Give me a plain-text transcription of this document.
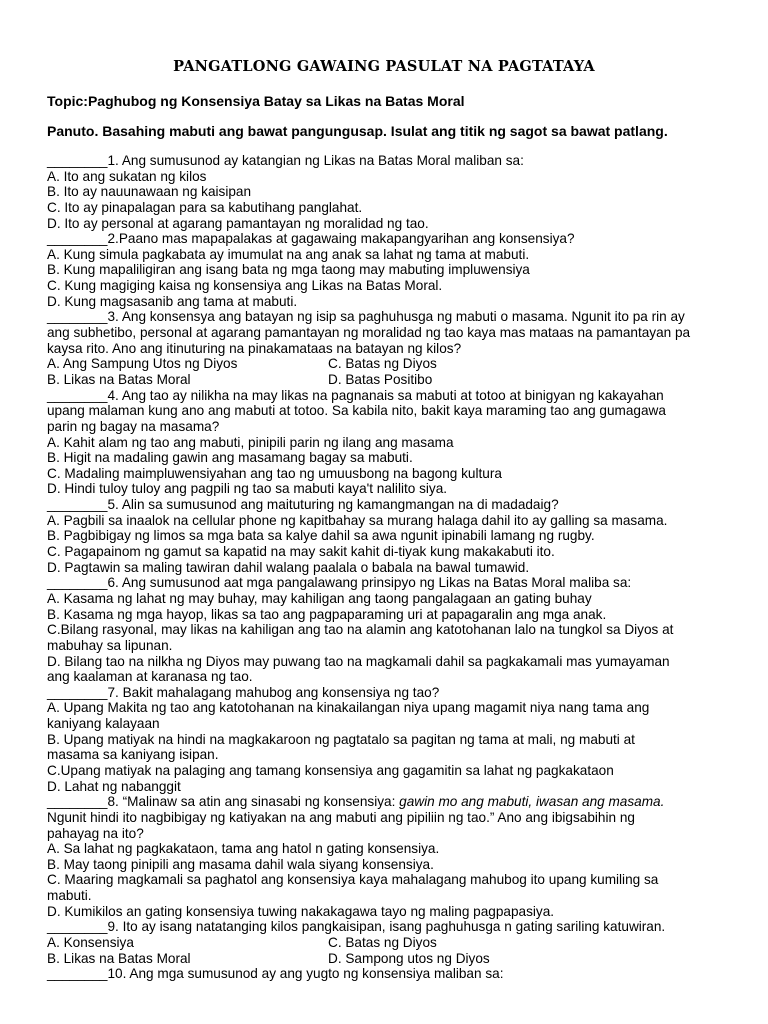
PANGATLONG GAWAING PASULAT NA PAGTATAYA
Topic:Paghubog ng Konsensiya Batay sa Likas na Batas Moral
Panuto. Basahing mabuti ang bawat pangungusap. Isulat ang titik ng sagot sa bawat patlang.
________1. Ang sumusunod ay katangian ng Likas na Batas Moral maliban sa:
A. Ito ang sukatan ng kilos
B. Ito ay nauunawaan ng kaisipan
C. Ito ay pinapalagan para sa kabutihang panglahat.
D. Ito ay personal at agarang pamantayan ng moralidad ng tao.
________2.Paano mas mapapalakas at gagawaing makapangyarihan ang konsensiya?
A. Kung simula pagkabata ay imumulat na ang anak sa lahat ng tama at mabuti.
B. Kung mapaliligiran ang isang bata ng mga taong may mabuting impluwensiya
C. Kung magiging kaisa ng konsensiya ang Likas na Batas Moral.
D. Kung magsasanib ang tama at mabuti.
________3. Ang konsensya ang batayan ng isip sa paghuhusga ng mabuti o masama. Ngunit ito pa rin ay
ang subhetibo, personal at agarang pamantayan ng moralidad ng tao kaya mas mataas na pamantayan pa
kaysa rito. Ano ang itinuturing na pinakamataas na batayan ng kilos?
A. Ang Sampung Utos ng Diyos	C. Batas ng Diyos
B. Likas na Batas Moral	D. Batas Positibo
________4. Ang tao ay nilikha na may likas na pagnanais sa mabuti at totoo at binigyan ng kakayahan
upang malaman kung ano ang mabuti at totoo. Sa kabila nito, bakit kaya maraming tao ang gumagawa
parin ng bagay na masama?
A. Kahit alam ng tao ang mabuti, pinipili parin ng ilang ang masama
B. Higit na madaling gawin ang masamang bagay sa mabuti.
C. Madaling maimpluwensiyahan ang tao ng umuusbong na bagong kultura
D. Hindi tuloy tuloy ang pagpili ng tao sa mabuti kaya't nalilito siya.
________5. Alin sa sumusunod ang maituturing ng kamangmangan na di madadaig?
A. Pagbili sa inaalok na cellular phone ng kapitbahay sa murang halaga dahil ito ay galling sa masama.
B. Pagbibigay ng limos sa mga bata sa kalye dahil sa awa ngunit ipinabili lamang ng rugby.
C. Pagapainom ng gamut sa kapatid na may sakit kahit di-tiyak kung makakabuti ito.
D. Pagtawin sa maling tawiran dahil walang paalala o babala na bawal tumawid.
________6. Ang sumusunod aat mga pangalawang prinsipyo ng Likas na Batas Moral maliba sa:
A. Kasama ng lahat ng may buhay, may kahiligan ang taong pangalagaan an gating buhay
B. Kasama ng mga hayop, likas sa tao ang pagpaparaming uri at papagaralin ang mga anak.
C.Bilang rasyonal, may likas na kahiligan ang tao na alamin ang katotohanan lalo na tungkol sa Diyos at
mabuhay sa lipunan.
D. Bilang tao na nilkha ng Diyos may puwang tao na magkamali dahil sa pagkakamali mas yumayaman
ang kaalaman at karanasa ng tao.
________7. Bakit mahalagang mahubog ang konsensiya ng tao?
A. Upang Makita ng tao ang katotohanan na kinakailangan niya upang magamit niya nang tama ang
kaniyang kalayaan
B. Upang matiyak na hindi na magkakaroon ng pagtatalo sa pagitan ng tama at mali, ng mabuti at
masama sa kaniyang isipan.
C.Upang matiyak na palaging ang tamang konsensiya ang gagamitin sa lahat ng pagkakataon
D. Lahat ng nabanggit
________8. “Malinaw sa atin ang sinasabi ng konsensiya: gawin mo ang mabuti, iwasan ang masama.
Ngunit hindi ito nagbibigay ng katiyakan na ang mabuti ang pipiliin ng tao.” Ano ang ibigsabihin ng
pahayag na ito?
A. Sa lahat ng pagkakataon, tama ang hatol n gating konsensiya.
B. May taong pinipili ang masama dahil wala siyang konsensiya.
C. Maaring magkamali sa paghatol ang konsensiya kaya mahalagang mahubog ito upang kumiling sa
mabuti.
D. Kumikilos an gating konsensiya tuwing nakakagawa tayo ng maling pagpapasiya.
________9. Ito ay isang natatanging kilos pangkaisipan, isang paghuhusga n gating sariling katuwiran.
A. Konsensiya	C. Batas ng Diyos
B. Likas na Batas Moral	D. Sampong utos ng Diyos
________10. Ang mga sumusunod ay ang yugto ng konsensiya maliban sa:
